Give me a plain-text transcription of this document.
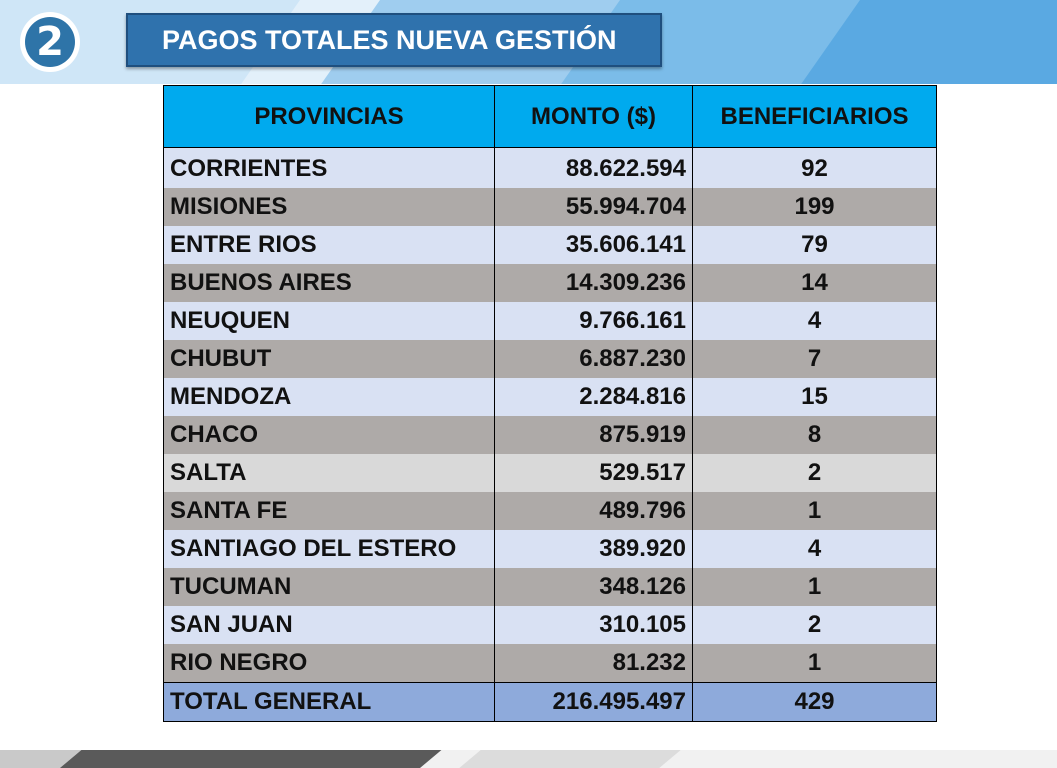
2	PAGOS TOTALES NUEVA GESTIÓN
PROVINCIAS	MONTO ($)	BENEFICIARIOS
CORRIENTES	88.622.594	92
MISIONES	55.994.704	199
ENTRE RIOS	35.606.141	79
BUENOS AIRES	14.309.236	14
NEUQUEN	9.766.161	4
CHUBUT	6.887.230	7
MENDOZA	2.284.816	15
CHACO	875.919	8
SALTA	529.517	2
SANTA FE	489.796	1
SANTIAGO DEL ESTERO	389.920	4
TUCUMAN	348.126	1
SAN JUAN	310.105	2
RIO NEGRO	81.232	1
TOTAL GENERAL	216.495.497	429
